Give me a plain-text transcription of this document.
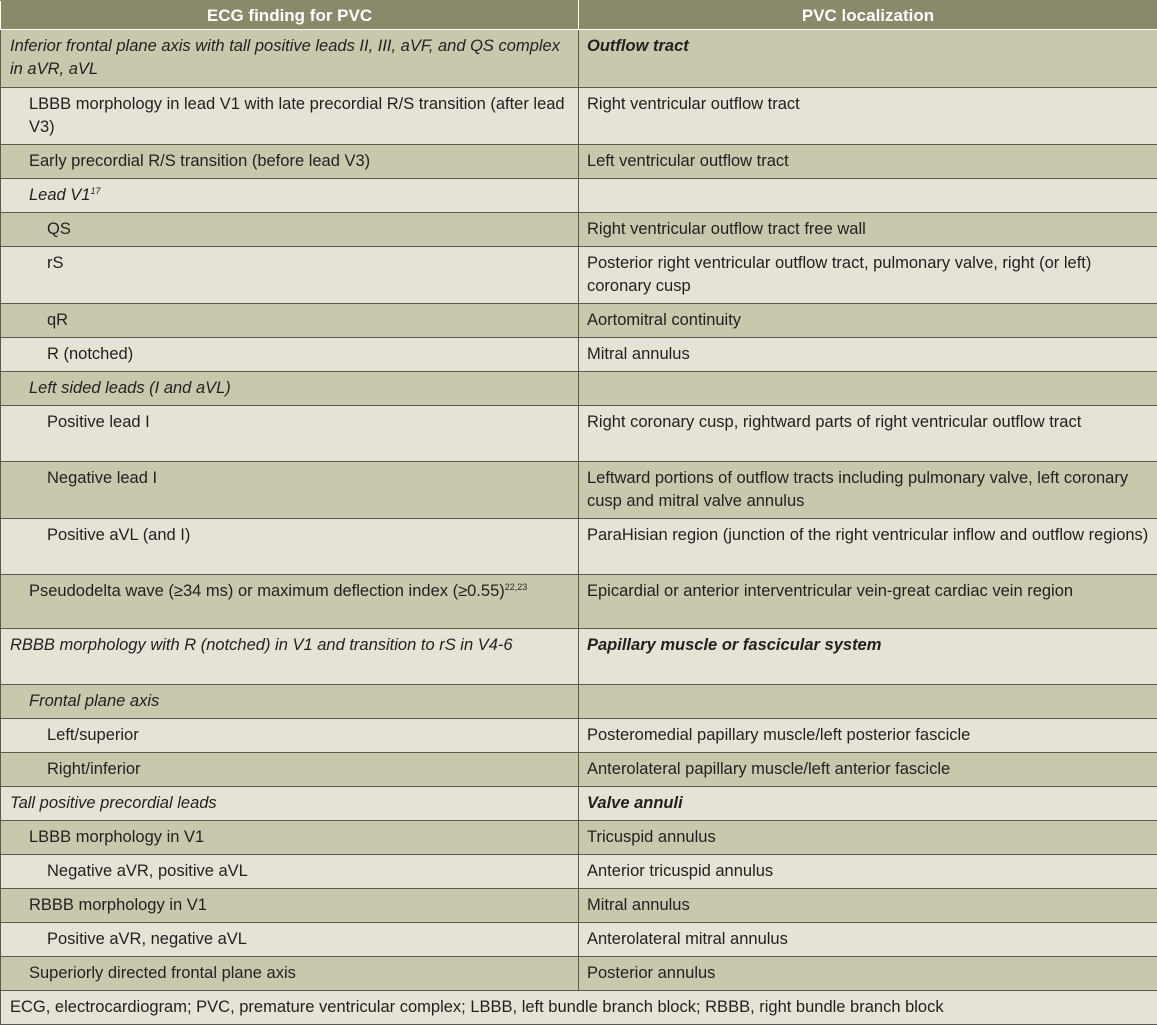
ECG finding for PVC	PVC localization
Inferior frontal plane axis with tall positive leads II, III, aVF, and QS complex in aVR, aVL	Outflow tract
LBBB morphology in lead V1 with late precordial R/S transition (after lead V3)	Right ventricular outflow tract
Early precordial R/S transition (before lead V3)	Left ventricular outflow tract
Lead $V1^{17}$	
QS	Right ventricular outflow tract free wall
rS	Posterior right ventricular outflow tract, pulmonary valve, right (or left) coronary cusp
qR	Aortomitral continuity
R (notched)	Mitral annulus
Left sided leads (I and aVL)	
Positive lead I	Right coronary cusp, rightward parts of right ventricular outflow tract
Negative lead I	Leftward portions of outflow tracts including pulmonary valve, left coronary cusp and mitral valve annulus
Positive aVL (and I)	ParaHisian region (junction of the right ventricular inflow and outflow regions)
Pseudodelta wave (≥34 ms) or maximum deflection index (≥0.55)$^{22,23}$	Epicardial or anterior interventricular vein-great cardiac vein region
RBBB morphology with R (notched) in V1 and transition to rS in V4-6	Papillary muscle or fascicular system
Frontal plane axis	
Left/superior	Posteromedial papillary muscle/left posterior fascicle
Right/inferior	Anterolateral papillary muscle/left anterior fascicle
Tall positive precordial leads	Valve annuli
LBBB morphology in V1	Tricuspid annulus
Negative aVR, positive aVL	Anterior tricuspid annulus
RBBB morphology in V1	Mitral annulus
Positive aVR, negative aVL	Anterolateral mitral annulus
Superiorly directed frontal plane axis	Posterior annulus
ECG, electrocardiogram; PVC, premature ventricular complex; LBBB, left bundle branch block; RBBB, right bundle branch block	
